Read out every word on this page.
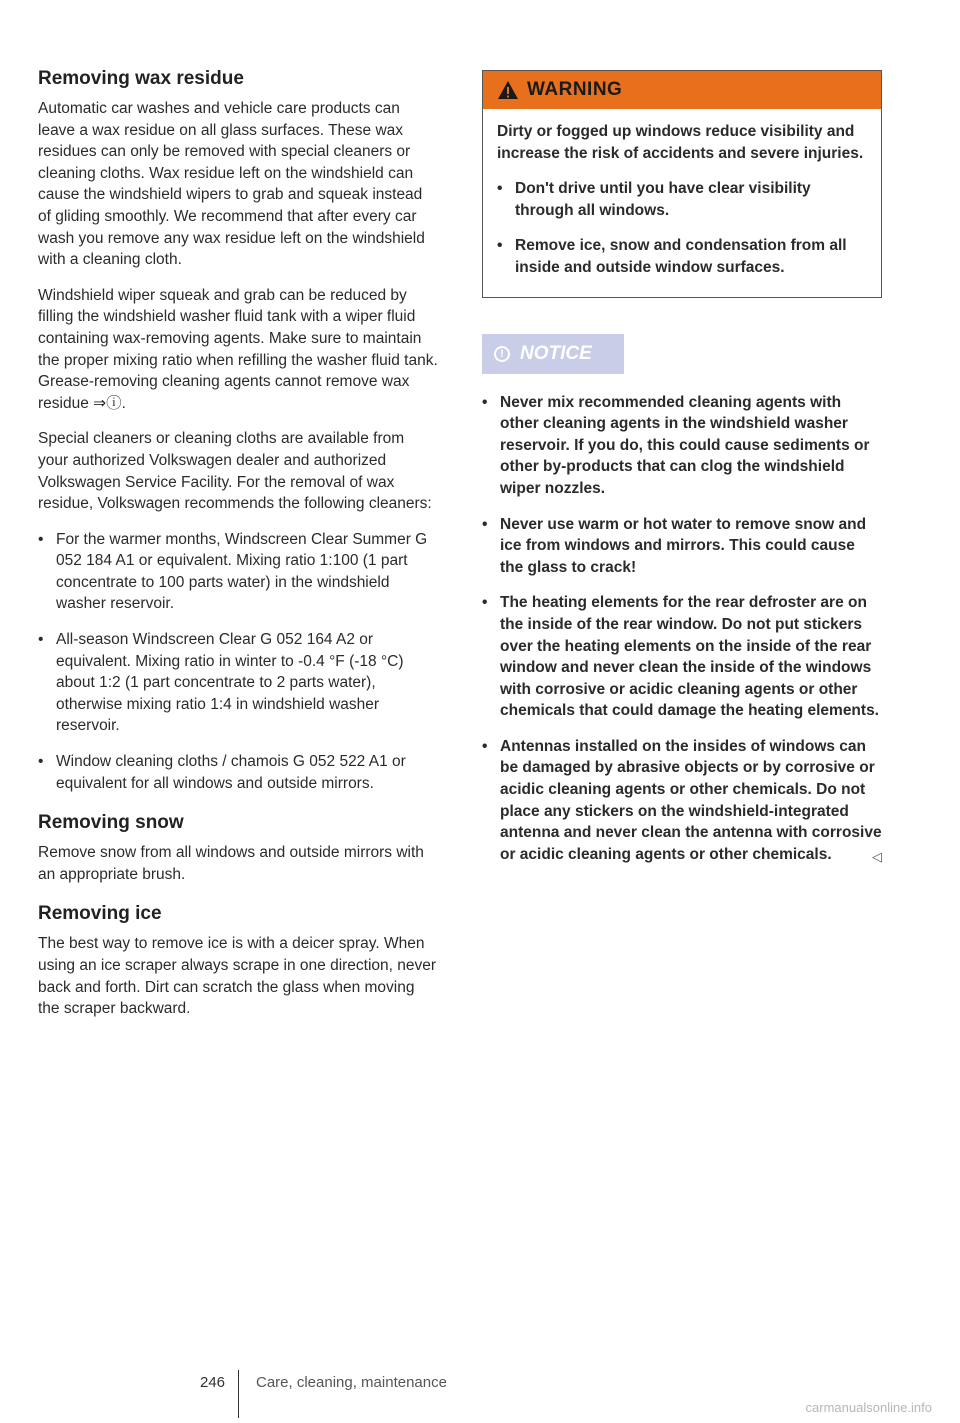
Removing wax residue

Automatic car washes and vehicle care products can leave a wax residue on all glass surfaces. These wax residues can only be removed with special cleaners or cleaning cloths. Wax residue left on the windshield can cause the windshield wipers to grab and squeak instead of gliding smoothly. We recommend that after every car wash you remove any wax residue left on the windshield with a cleaning cloth.

Windshield wiper squeak and grab can be reduced by filling the windshield washer fluid tank with a wiper fluid containing wax-removing agents. Make sure to maintain the proper mixing ratio when refilling the washer fluid tank. Grease-removing cleaning agents cannot remove wax residue ⇒ⓘ.

Special cleaners or cleaning cloths are available from your authorized Volkswagen dealer and authorized Volkswagen Service Facility. For the removal of wax residue, Volkswagen recommends the following cleaners:

• For the warmer months, Windscreen Clear Summer G 052 184 A1 or equivalent. Mixing ratio 1:100 (1 part concentrate to 100 parts water) in the windshield washer reservoir.
• All-season Windscreen Clear G 052 164 A2 or equivalent. Mixing ratio in winter to -0.4 °F (-18 °C) about 1:2 (1 part concentrate to 2 parts water), otherwise mixing ratio 1:4 in windshield washer reservoir.
• Window cleaning cloths / chamois G 052 522 A1 or equivalent for all windows and outside mirrors.
Removing snow

Remove snow from all windows and outside mirrors with an appropriate brush.

Removing ice

The best way to remove ice is with a deicer spray. When using an ice scraper always scrape in one direction, never back and forth. Dirt can scratch the glass when moving the scraper backward.

WARNING

Dirty or fogged up windows reduce visibility and increase the risk of accidents and severe injuries.

• Don't drive until you have clear visibility through all windows.
• Remove ice, snow and condensation from all inside and outside window surfaces.
! NOTICE
• Never mix recommended cleaning agents with other cleaning agents in the windshield washer reservoir. If you do, this could cause sediments or other by-products that can clog the windshield wiper nozzles.
• Never use warm or hot water to remove snow and ice from windows and mirrors. This could cause the glass to crack!
• The heating elements for the rear defroster are on the inside of the rear window. Do not put stickers over the heating elements on the inside of the rear window and never clean the inside of the windows with corrosive or acidic cleaning agents or other chemicals that could damage the heating elements.
• Antennas installed on the insides of windows can be damaged by abrasive objects or by corrosive or acidic cleaning agents or other chemicals. Do not place any stickers on the windshield-integrated antenna and never clean the antenna with corrosive or acidic cleaning agents or other chemicals.	◁
246 Care, cleaning, maintenance
carmanualsonline.info
